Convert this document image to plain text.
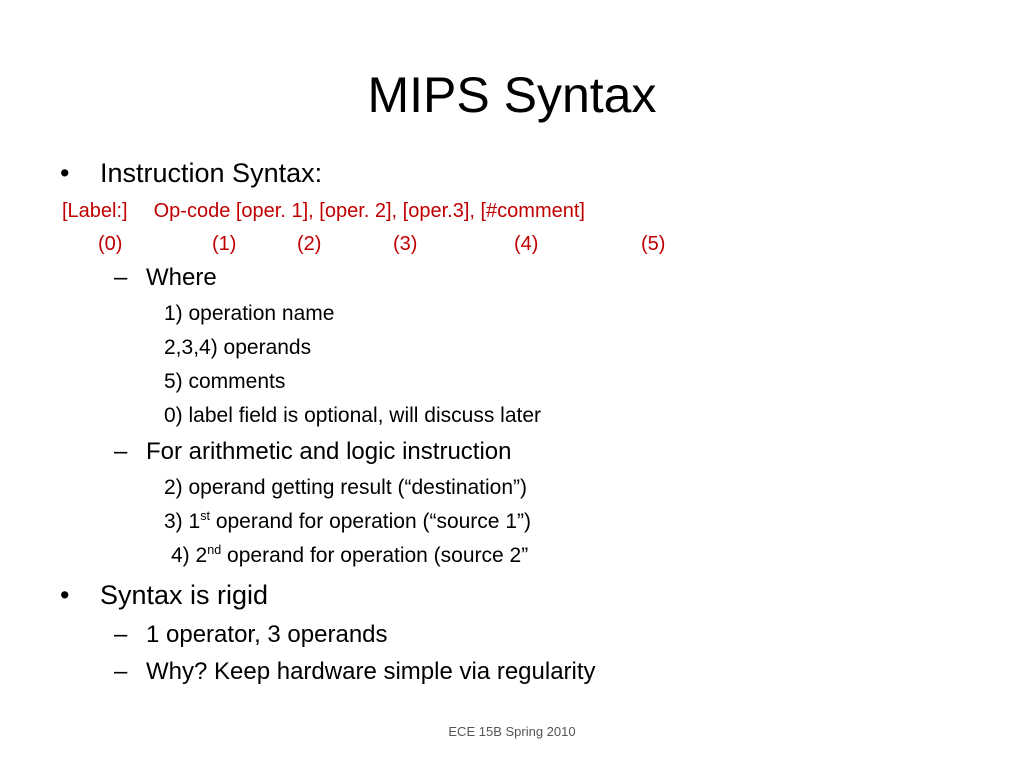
MIPS Syntax
• Instruction Syntax:
[Label:] Op-code [oper. 1], [oper. 2], [oper.3], [#comment]
(0)	(1)	(2)	(3)	(4)	(5)
– Where
1) operation name
2,3,4) operands
5) comments
0) label field is optional, will discuss later
– For arithmetic and logic instruction
2) operand getting result (“destination”)
3) 1st operand for operation (“source 1”)
4) 2nd operand for operation (source 2”
• Syntax is rigid
– 1 operator, 3 operands
– Why? Keep hardware simple via regularity
ECE 15B Spring 2010
